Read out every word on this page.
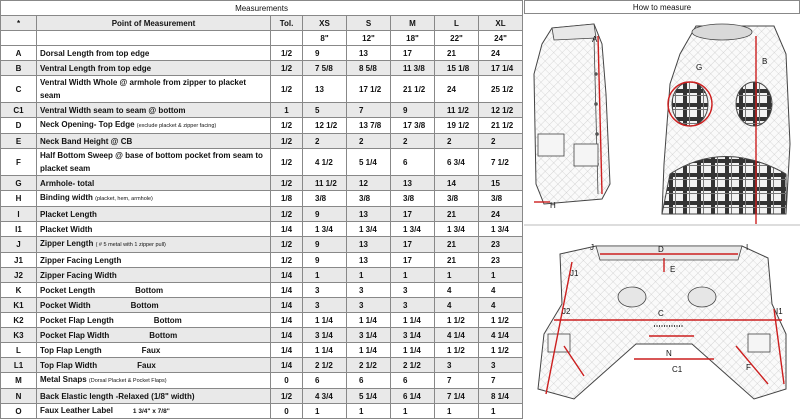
Measurements							
*	Point of Measurement	Tol.	XS	S	M	L	XL
			8"	12"	18"	22"	24"
A	Dorsal Length from top edge	1/2	9	13	17	21	24
B	Ventral Length from top edge	1/2	7 5/8	8 5/8	11 3/8	15 1/8	17 1/4
C	Ventral Width Whole @ armhole from zipper to placket seam	1/2	13	17 1/2	21 1/2	24	25 1/2
C1	Ventral Width seam to seam @ bottom	1	5	7	9	11 1/2	12 1/2
D	Neck Opening- Top Edge (exclude placket & zipper facing)	1/2	12 1/2	13 7/8	17 3/8	19 1/2	21 1/2
E	Neck Band Height @ CB	1/2	2	2	2	2	2
F	Half Bottom Sweep @ base of bottom pocket from seam to placket seam	1/2	4 1/2	5 1/4	6	6 3/4	7 1/2
G	Armhole- total	1/2	11 1/2	12	13	14	15
H	Binding width (placket, hem, armhole)	1/8	3/8	3/8	3/8	3/8	3/8
I	Placket Length	1/2	9	13	17	21	24
I1	Placket Width	1/4	1 3/4	1 3/4	1 3/4	1 3/4	1 3/4
J	Zipper Length ( # 5 metal with 1 zipper pull)	1/2	9	13	17	21	23
J1	Zipper Facing Length	1/2	9	13	17	21	23
J2	Zipper Facing Width	1/4	1	1	1	1	1
K	Pocket Length Bottom	1/4	3	3	3	4	4
K1	Pocket Width Bottom	1/4	3	3	3	4	4
K2	Pocket Flap Length Bottom	1/4	1 1/4	1 1/4	1 1/4	1 1/2	1 1/2
K3	Pocket Flap Width Bottom	1/4	3 1/4	3 1/4	3 1/4	4 1/4	4 1/4
L	Top Flap Length Faux	1/4	1 1/4	1 1/4	1 1/4	1 1/2	1 1/2
L1	Top Flap Width Faux	1/4	2 1/2	2 1/2	2 1/2	3	3
M	Metal Snaps (Dorsal Placket & Pocket Flaps)	0	6	6	6	7	7
N	Back Elastic length -Relaxed (1/8" width)	1/2	4 3/4	5 1/4	6 1/4	7 1/4	8 1/4
O	Faux Leather Label 1 3/4" x 7/8"	0	1	1	1	1	1
How to measure
A
B
G
H
J	D	I
E
J1
J2	C	I1
N
C1	F
